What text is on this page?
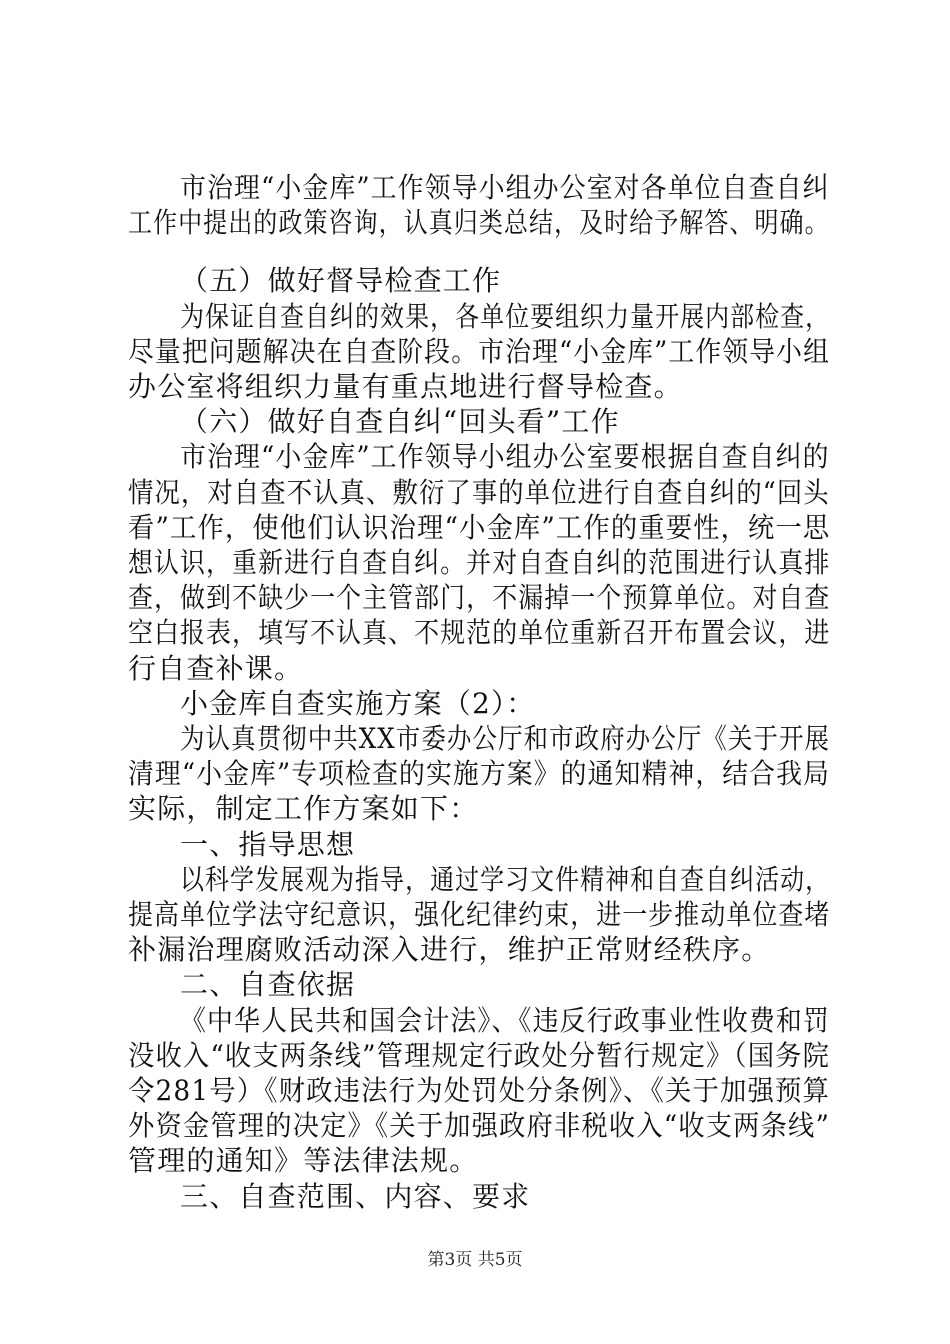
市治理“小金库”工作领导小组办公室对各单位自查自纠
工作中提出的政策咨询，认真归类总结，及时给予解答、明确。
（五）做好督导检查工作
为保证自查自纠的效果，各单位要组织力量开展内部检查，
尽量把问题解决在自查阶段。市治理“小金库”工作领导小组
办公室将组织力量有重点地进行督导检查。
（六）做好自查自纠“回头看”工作
市治理“小金库”工作领导小组办公室要根据自查自纠的
情况，对自查不认真、敷衍了事的单位进行自查自纠的“回头
看”工作，使他们认识治理“小金库”工作的重要性，统一思
想认识，重新进行自查自纠。并对自查自纠的范围进行认真排
查，做到不缺少一个主管部门，不漏掉一个预算单位。对自查
空白报表，填写不认真、不规范的单位重新召开布置会议，进
行自查补课。
小金库自查实施方案（2）：
为认真贯彻中共XX市委办公厅和市政府办公厅《关于开展
清理“小金库”专项检查的实施方案》的通知精神，结合我局
实际，制定工作方案如下：
一、指导思想
以科学发展观为指导，通过学习文件精神和自查自纠活动，
提高单位学法守纪意识，强化纪律约束，进一步推动单位查堵
补漏治理腐败活动深入进行，维护正常财经秩序。
二、自查依据
《中华人民共和国会计法》、《违反行政事业性收费和罚
没收入“收支两条线”管理规定行政处分暂行规定》（国务院
令281号）《财政违法行为处罚处分条例》、《关于加强预算
外资金管理的决定》《关于加强政府非税收入“收支两条线”
管理的通知》等法律法规。
三、自查范围、内容、要求
第3页 共5页
